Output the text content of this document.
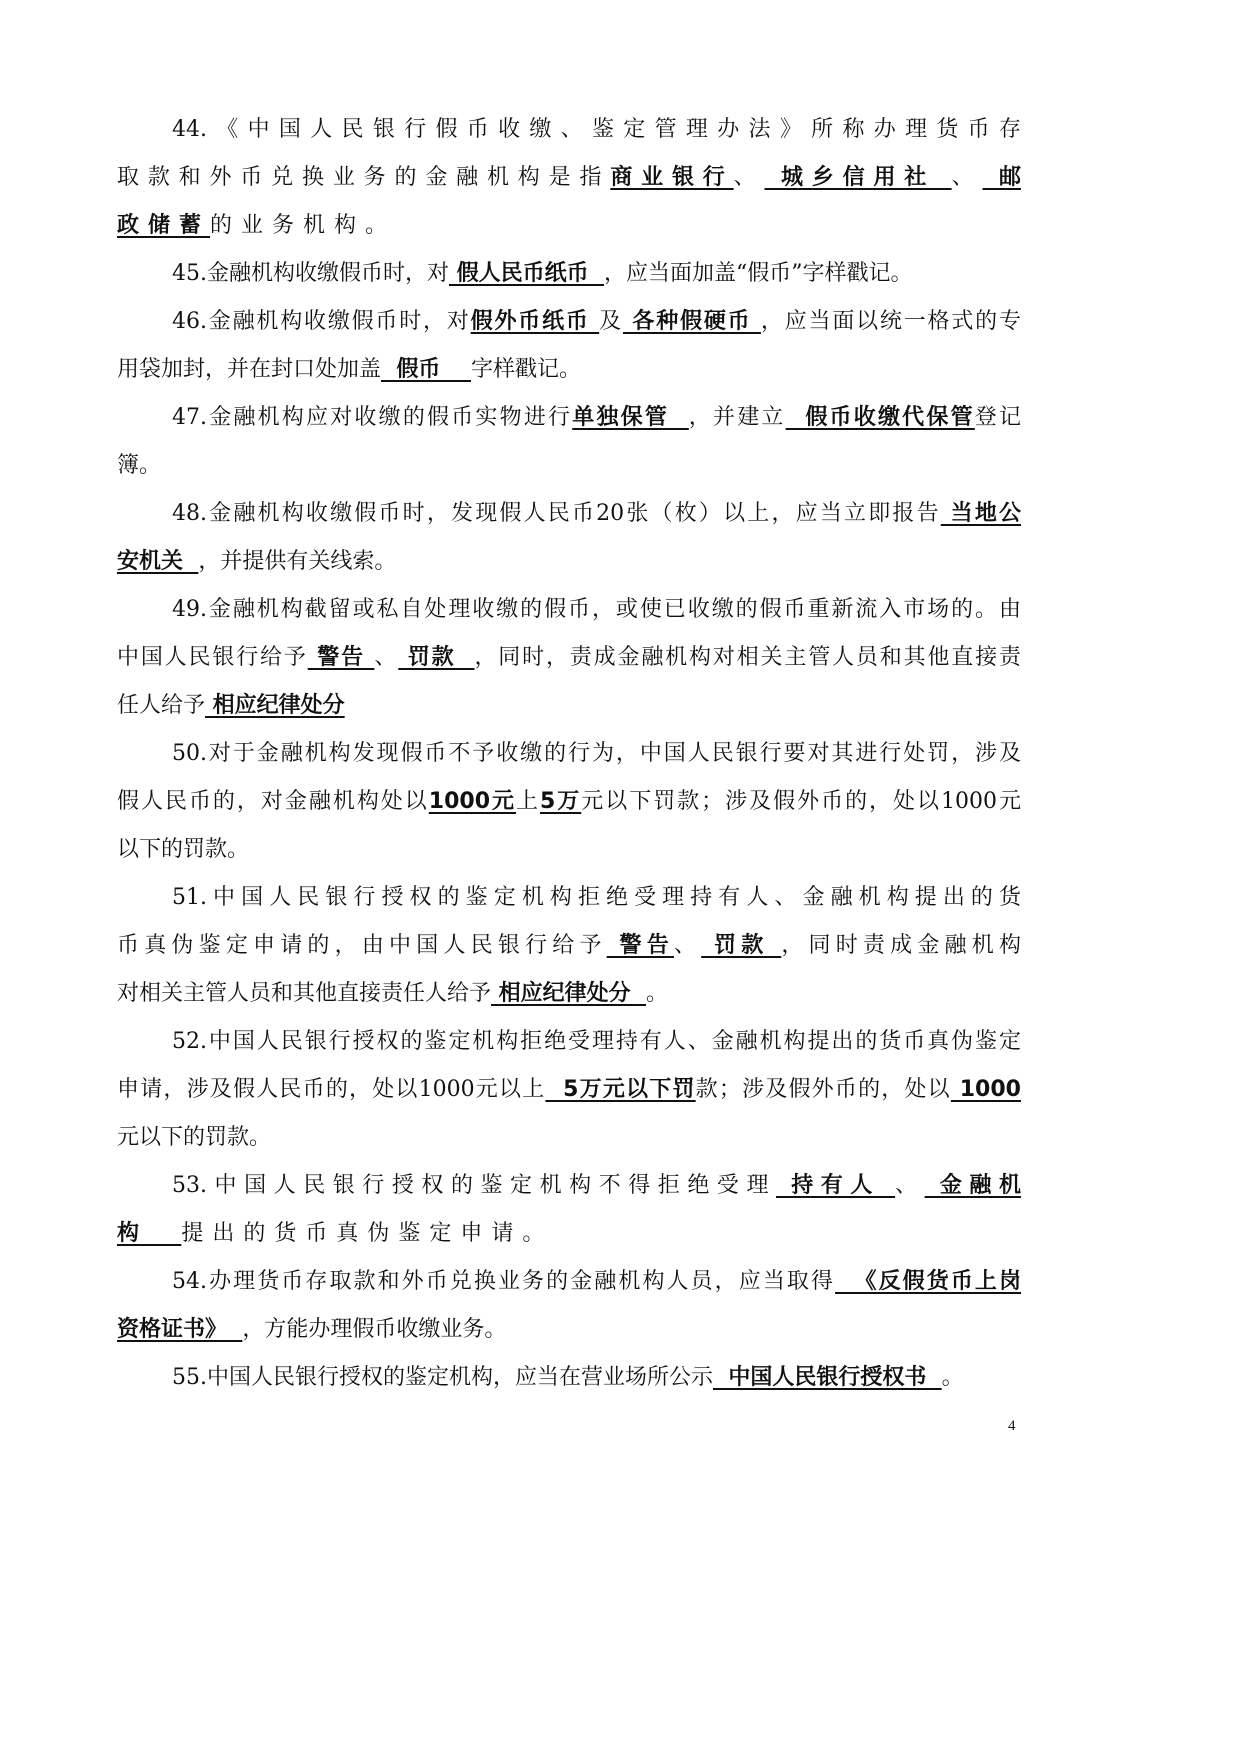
44.《中国人民银行假币收缴、鉴定管理办法》所称办理货币存
取款和外币兑换业务的金融机构是指商业银行、 城乡信用社 、 邮
政储蓄的业务机构。
45.金融机构收缴假币时，对 假人民币纸币  ，应当面加盖“假币”字样戳记。
46.金融机构收缴假币时，对假外币纸币 及 各种假硬币 ，应当面以统一格式的专
用袋加封，并在封口处加盖  假币    字样戳记。
47.金融机构应对收缴的假币实物进行单独保管  ，并建立  假币收缴代保管登记
簿。
48.金融机构收缴假币时，发现假人民币20张（枚）以上，应当立即报告 当地公
安机关  ，并提供有关线索。
49.金融机构截留或私自处理收缴的假币，或使已收缴的假币重新流入市场的。由
中国人民银行给予 警告 、 罚款  ，同时，责成金融机构对相关主管人员和其他直接责
任人给予 相应纪律处分
50.对于金融机构发现假币不予收缴的行为，中国人民银行要对其进行处罚，涉及
假人民币的，对金融机构处以1000元上5万元以下罚款；涉及假外币的，处以1000元
以下的罚款。
51.中国人民银行授权的鉴定机构拒绝受理持有人、金融机构提出的货
币真伪鉴定申请的，由中国人民银行给予 警告、 罚款 ，同时责成金融机构
对相关主管人员和其他直接责任人给予 相应纪律处分  。
52.中国人民银行授权的鉴定机构拒绝受理持有人、金融机构提出的货币真伪鉴定
申请，涉及假人民币的，处以1000元以上  5万元以下罚款；涉及假外币的，处以 1000
元以下的罚款。
53.中国人民银行授权的鉴定机构不得拒绝受理 持有人 、 金融机
构  提出的货币真伪鉴定申请。
54.办理货币存取款和外币兑换业务的金融机构人员，应当取得  《反假货币上岗
资格证书》  ，方能办理假币收缴业务。
55.中国人民银行授权的鉴定机构，应当在营业场所公示  中国人民银行授权书  。
4
